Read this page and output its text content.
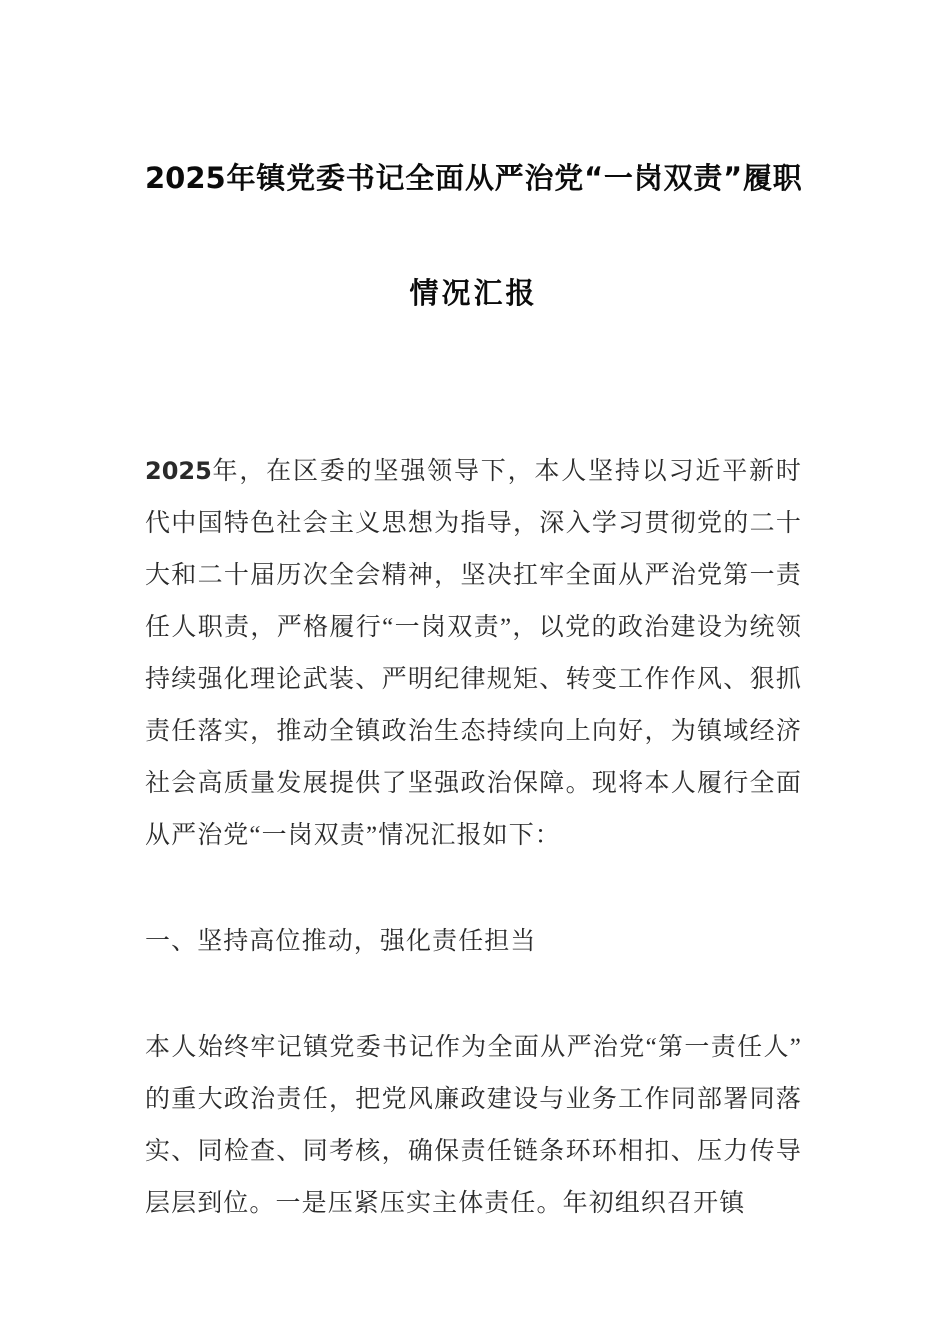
2025 年 镇 党 委 书 记 全 面 从 严 治 党 “ 一 岗 双 责 ” 履 职
情况汇报

2025年，在区委的坚强领导下，本人坚持以习近平新时代中国特色社会主义思想为指导，深入学习贯彻党的二十大和二十届历次全会精神，坚决扛牢全面从严治党第一责任人职责，严格履行“一岗双责”，以党的政治建设为统领持续强化理论武装、严明纪律规矩、转变工作作风、狠抓责任落实，推动全镇政治生态持续向上向好，为镇域经济社会高质量发展提供了坚强政治保障。现将本人履行全面从严治党“一岗双责”情况汇报如下：

一、坚持高位推动，强化责任担当

本人始终牢记镇党委书记作为全面从严治党“第一责任人”的重大政治责任，把党风廉政建设与业务工作同部署同落实、同检查、同考核，确保责任链条环环相扣、压力传导层层到位。一是压紧压实主体责任。年初组织召开镇
